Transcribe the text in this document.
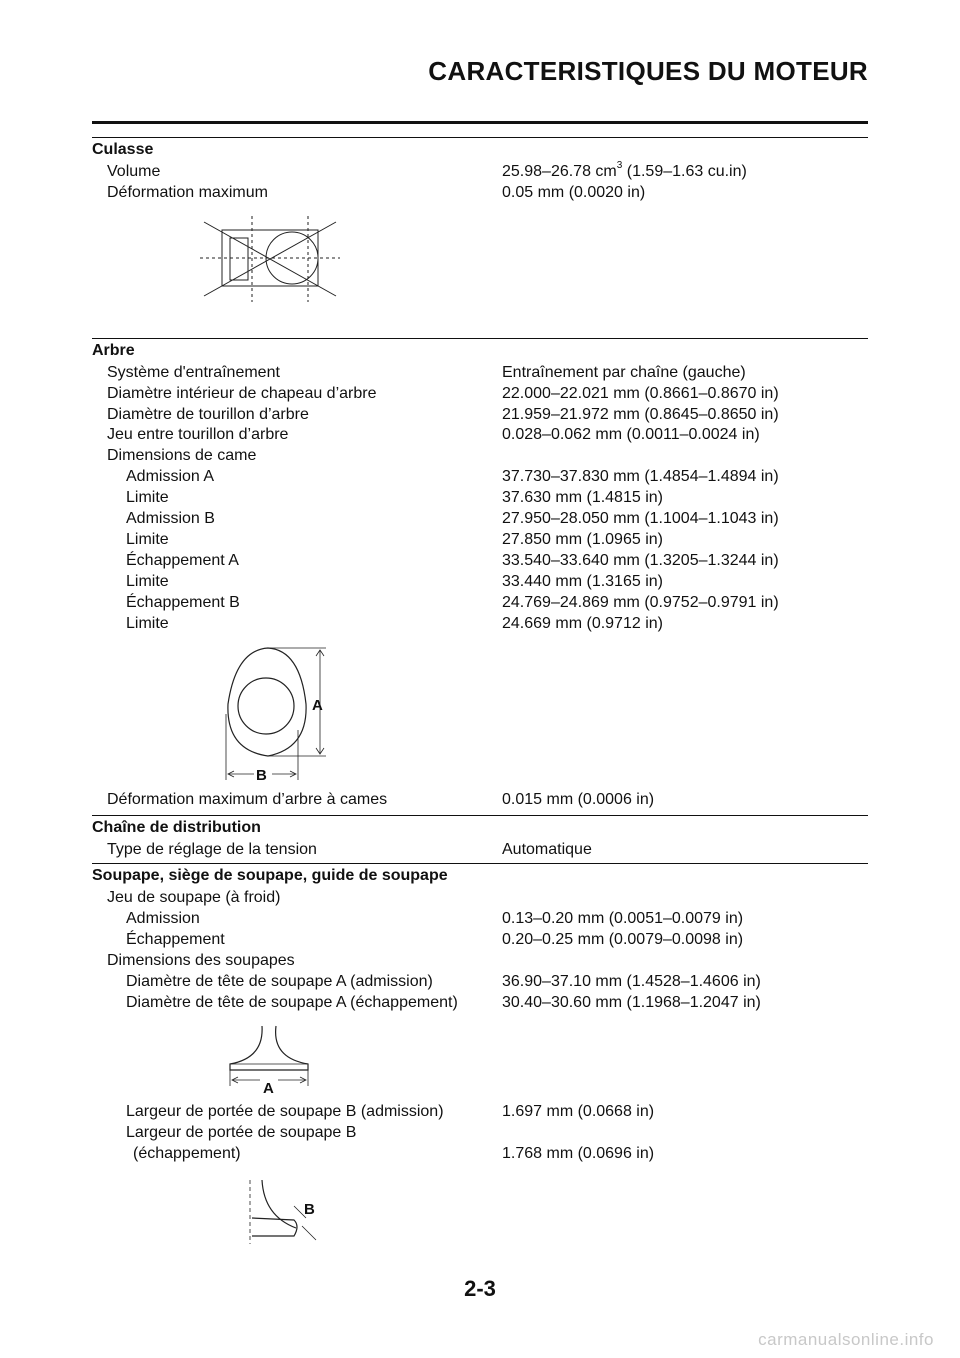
CARACTERISTIQUES DU MOTEUR
Culasse
Volume	25.98–26.78 $cm^3$ (1.59–1.63 cu.in)
Déformation maximum	0.05 mm (0.0020 in)
Arbre
Système d'entraînement	Entraînement par chaîne (gauche)
Diamètre intérieur de chapeau d’arbre	22.000–22.021 mm (0.8661–0.8670 in)
Diamètre de tourillon d’arbre	21.959–21.972 mm (0.8645–0.8650 in)
Jeu entre tourillon d’arbre	0.028–0.062 mm (0.0011–0.0024 in)
Dimensions de came
Admission A	37.730–37.830 mm (1.4854–1.4894 in)
Limite	37.630 mm (1.4815 in)
Admission B	27.950–28.050 mm (1.1004–1.1043 in)
Limite	27.850 mm (1.0965 in)
Échappement A	33.540–33.640 mm (1.3205–1.3244 in)
Limite	33.440 mm (1.3165 in)
Échappement B	24.769–24.869 mm (0.9752–0.9791 in)
Limite	24.669 mm (0.9712 in)
A
B
Déformation maximum d’arbre à cames	0.015 mm (0.0006 in)
Chaîne de distribution
Type de réglage de la tension	Automatique
Soupape, siège de soupape, guide de soupape
Jeu de soupape (à froid)
Admission	0.13–0.20 mm (0.0051–0.0079 in)
Échappement	0.20–0.25 mm (0.0079–0.0098 in)
Dimensions des soupapes
Diamètre de tête de soupape A (admission)	36.90–37.10 mm (1.4528–1.4606 in)
Diamètre de tête de soupape A (échappement)	30.40–30.60 mm (1.1968–1.2047 in)
A
Largeur de portée de soupape B (admission)	1.697 mm (0.0668 in)
Largeur de portée de soupape B
(échappement)	1.768 mm (0.0696 in)
B
2-3
carmanualsonline.info
